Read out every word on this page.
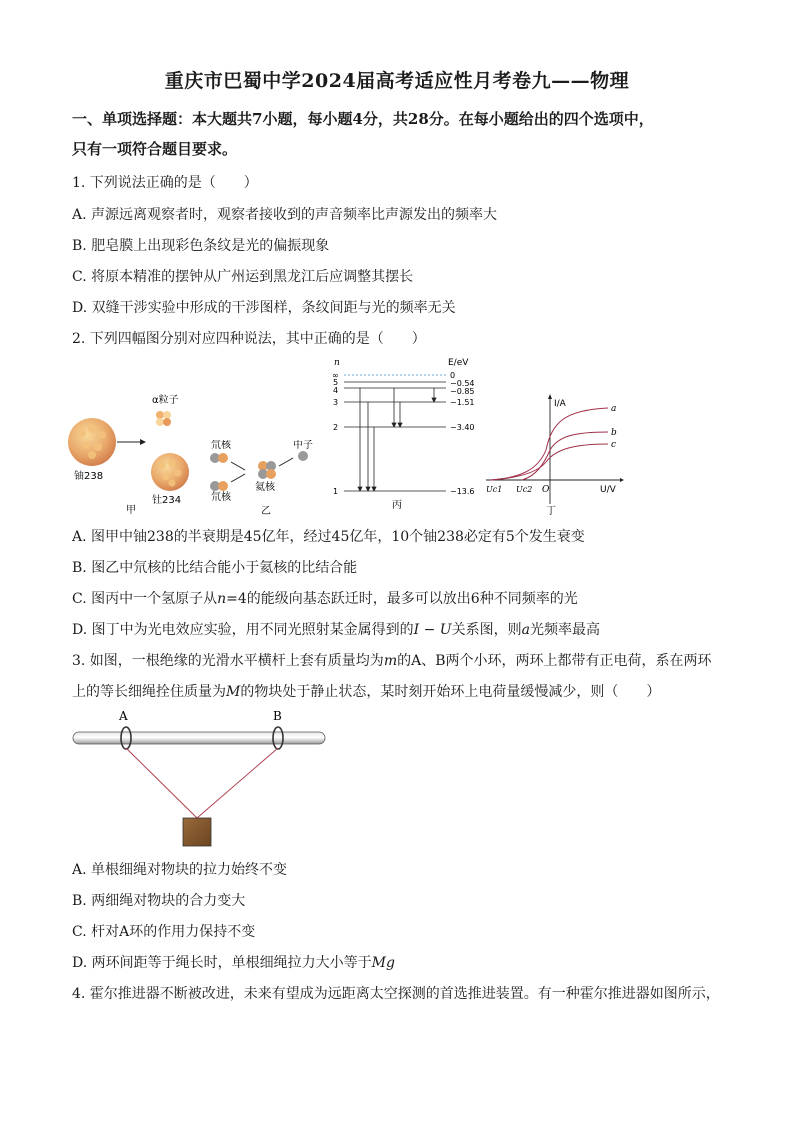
重庆市巴蜀中学2024届高考适应性月考卷九——物理
一、单项选择题：本大题共7小题，每小题4分，共28分。在每小题给出的四个选项中，
只有一项符合题目要求。
1. 下列说法正确的是（　　）
A. 声源远离观察者时，观察者接收到的声音频率比声源发出的频率大
B. 肥皂膜上出现彩色条纹是光的偏振现象
C. 将原本精准的摆钟从广州运到黑龙江后应调整其摆长
D. 双缝干涉实验中形成的干涉图样，条纹间距与光的频率无关
2. 下列四幅图分别对应四种说法，其中正确的是（　　）
铀238
α粒子
钍234
甲
氘核
氘核
氦核
中子
乙
n	E/eV
∞	0
5	−0.54
4	−0.85
3	−1.51
2	−3.40
1	−13.6
丙
I/A
U/V
O
Uc1 Uc2
a
b
c
丁
A. 图甲中铀238的半衰期是45亿年，经过45亿年，10个铀238必定有5个发生衰变
B. 图乙中氘核的比结合能小于氦核的比结合能
C. 图丙中一个氢原子从n=4的能级向基态跃迁时，最多可以放出6种不同频率的光
D. 图丁中为光电效应实验，用不同光照射某金属得到的I − U关系图，则a光频率最高
3. 如图，一根绝缘的光滑水平横杆上套有质量均为m的A、B两个小环，两环上都带有正电荷，系在两环
上的等长细绳拴住质量为M的物块处于静止状态，某时刻开始环上电荷量缓慢减少，则（　　）
A	B
A. 单根细绳对物块的拉力始终不变
B. 两细绳对物块的合力变大
C. 杆对A环的作用力保持不变
D. 两环间距等于绳长时，单根细绳拉力大小等于Mg
4. 霍尔推进器不断被改进，未来有望成为远距离太空探测的首选推进装置。有一种霍尔推进器如图所示，
